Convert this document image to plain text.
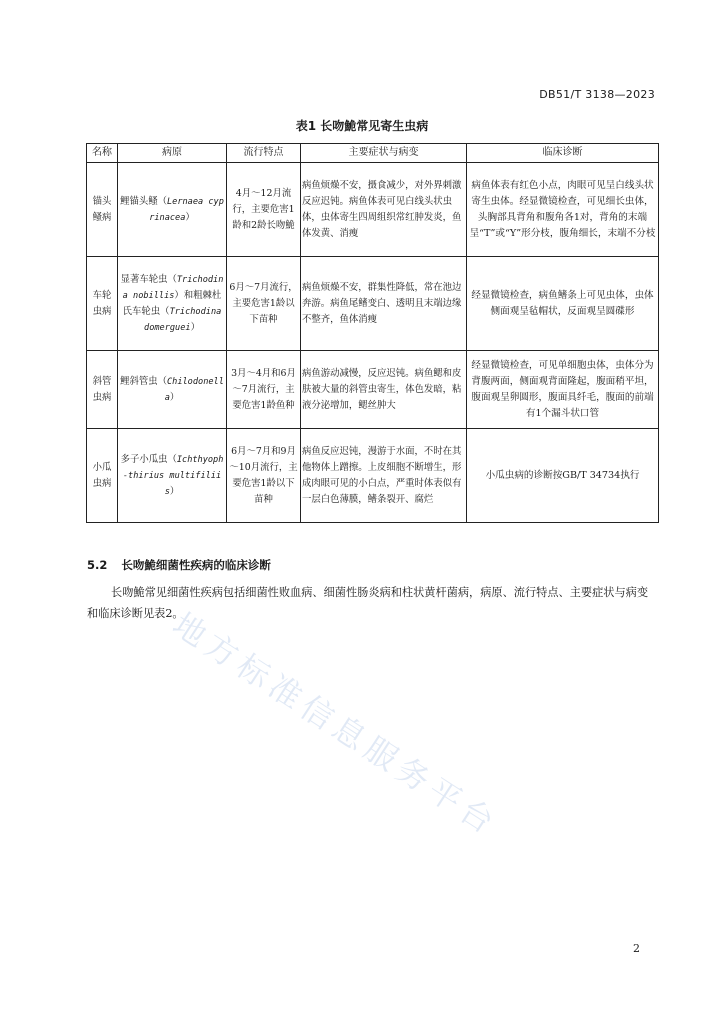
DB51/T 3138—2023
表1 长吻鮠常见寄生虫病
名称	病原	流行特点	主要症状与病变	临床诊断
锚头鳋病	鲤锚头鳋（Lernaea cyprinacea）	4月～12月流行，主要危害1龄和2龄长吻鮠	病鱼烦燥不安，摄食减少，对外界刺激反应迟钝。病鱼体表可见白线头状虫体，虫体寄生四周组织常红肿发炎，鱼体发黄、消瘦	病鱼体表有红色小点，肉眼可见呈白线头状寄生虫体。经显微镜检查，可见细长虫体，头胸部具背角和腹角各1对，背角的末端呈“T”或“Y”形分枝，腹角细长，末端不分枝
车轮虫病	显著车轮虫（Trichodina nobillis）和粗棘杜氏车轮虫（Trichodina domerguei）	6月～7月流行，主要危害1龄以下苗种	病鱼烦燥不安，群集性降低，常在池边奔游。病鱼尾鳍变白、透明且末端边缘不整齐，鱼体消瘦	经显微镜检查，病鱼鳍条上可见虫体，虫体侧面观呈毡帽状，反面观呈圆碟形
斜管虫病	鲤斜管虫（Chilodonella）	3月～4月和6月～7月流行，主要危害1龄鱼种	病鱼游动减慢，反应迟钝。病鱼鳃和皮肤被大量的斜管虫寄生，体色发暗，粘液分泌增加，鳃丝肿大	经显微镜检查，可见单细胞虫体，虫体分为背腹两面，侧面观背面隆起，腹面稍平坦，腹面观呈卵圆形，腹面具纤毛，腹面的前端有1个漏斗状口管
小瓜虫病	多子小瓜虫（Ichthyoph-thirius multifiliis）	6月～7月和9月～10月流行，主要危害1龄以下苗种	病鱼反应迟钝，漫游于水面，不时在其他物体上蹭擦。上皮细胞不断增生，形成肉眼可见的小白点，严重时体表似有一层白色薄膜，鳍条裂开、腐烂	小瓜虫病的诊断按GB/T 34734执行
5.2 长吻鮠细菌性疾病的临床诊断
长吻鮠常见细菌性疾病包括细菌性败血病、细菌性肠炎病和柱状黄杆菌病，病原、流行特点、主要症状与病变和临床诊断见表2。
地方标准信息服务平台
2
